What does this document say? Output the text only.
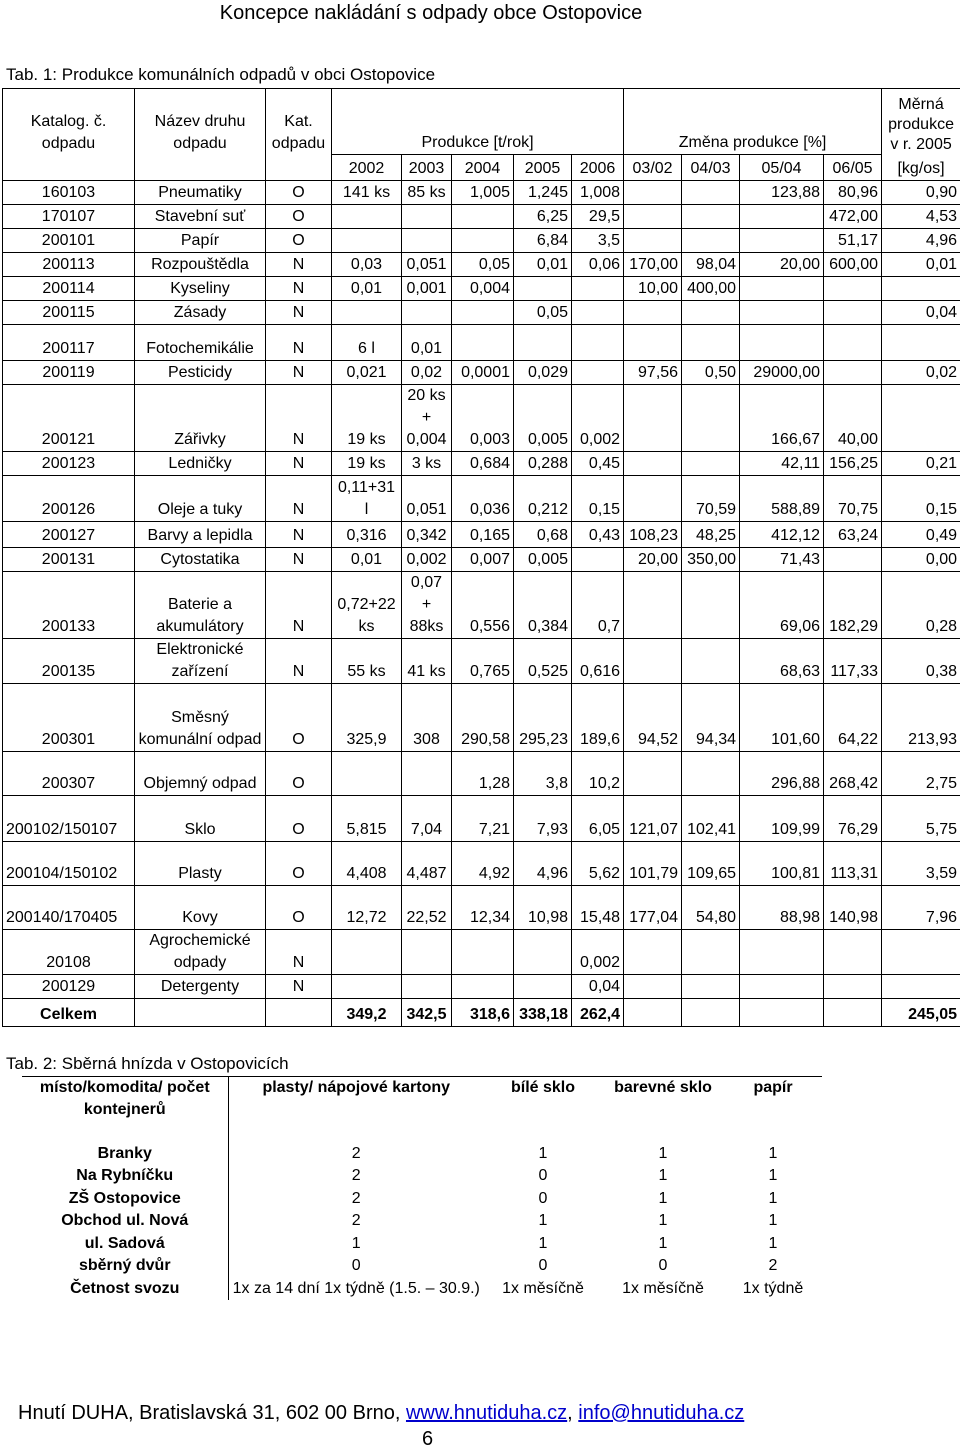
Koncepce nakládání s odpady obce Ostopovice
Tab. 1: Produkce komunálních odpadů v obci Ostopovice
Katalog. č. odpadu	Název druhu odpadu	Kat. odpadu	Produkce [t/rok]					Změna produkce [%]				Měrná produkce v r. 2005
			2002	2003	2004	2005	2006	03/02	04/03	05/04	06/05	[kg/os]
160103	Pneumatiky	O	141 ks	85 ks	1,005	1,245	1,008			123,88	80,96	0,90
170107	Stavební suť	O				6,25	29,5				472,00	4,53
200101	Papír	O				6,84	3,5				51,17	4,96
200113	Rozpouštědla	N	0,03	0,051	0,05	0,01	0,06	170,00	98,04	20,00	600,00	0,01
200114	Kyseliny	N	0,01	0,001	0,004			10,00	400,00			
200115	Zásady	N				0,05						0,04
200117	Fotochemikálie	N	6 l	0,01								
200119	Pesticidy	N	0,021	0,02	0,0001	0,029		97,56	0,50	29000,00		0,02
200121	Zářivky	N	19 ks	20 ks + 0,004	0,003	0,005	0,002			166,67	40,00	
200123	Ledničky	N	19 ks	3 ks	0,684	0,288	0,45			42,11	156,25	0,21
200126	Oleje a tuky	N	0,11+31 l	0,051	0,036	0,212	0,15		70,59	588,89	70,75	0,15
200127	Barvy a lepidla	N	0,316	0,342	0,165	0,68	0,43	108,23	48,25	412,12	63,24	0,49
200131	Cytostatika	N	0,01	0,002	0,007	0,005		20,00	350,00	71,43		0,00
200133	Baterie a akumulátory	N	0,72+22 ks	0,07 + 88ks	0,556	0,384	0,7			69,06	182,29	0,28
200135	Elektronické zařízení	N	55 ks	41 ks	0,765	0,525	0,616			68,63	117,33	0,38
200301	Směsný komunální odpad	O	325,9	308	290,58	295,23	189,6	94,52	94,34	101,60	64,22	213,93
200307	Objemný odpad	O			1,28	3,8	10,2			296,88	268,42	2,75
200102/150107	Sklo	O	5,815	7,04	7,21	7,93	6,05	121,07	102,41	109,99	76,29	5,75
200104/150102	Plasty	O	4,408	4,487	4,92	4,96	5,62	101,79	109,65	100,81	113,31	3,59
200140/170405	Kovy	O	12,72	22,52	12,34	10,98	15,48	177,04	54,80	88,98	140,98	7,96
20108	Agrochemické odpady	N					0,002					
200129	Detergenty	N					0,04					
Celkem			349,2	342,5	318,6	338,18	262,4					245,05
Tab. 2: Sběrná hnízda v Ostopovicích
místo/komodita/ počet kontejnerů	plasty/ nápojové kartony	bílé sklo	barevné sklo	papír
Branky	2	1	1	1
Na Rybníčku	2	0	1	1
ZŠ Ostopovice	2	0	1	1
Obchod ul. Nová	2	1	1	1
ul. Sadová	1	1	1	1
sběrný dvůr	0	0	0	2
Četnost svozu	1x za 14 dní 1x týdně (1.5. – 30.9.)	1x měsíčně	1x měsíčně	1x týdně
Hnutí DUHA, Bratislavská 31, 602 00 Brno, www.hnutiduha.cz, info@hnutiduha.cz
6
